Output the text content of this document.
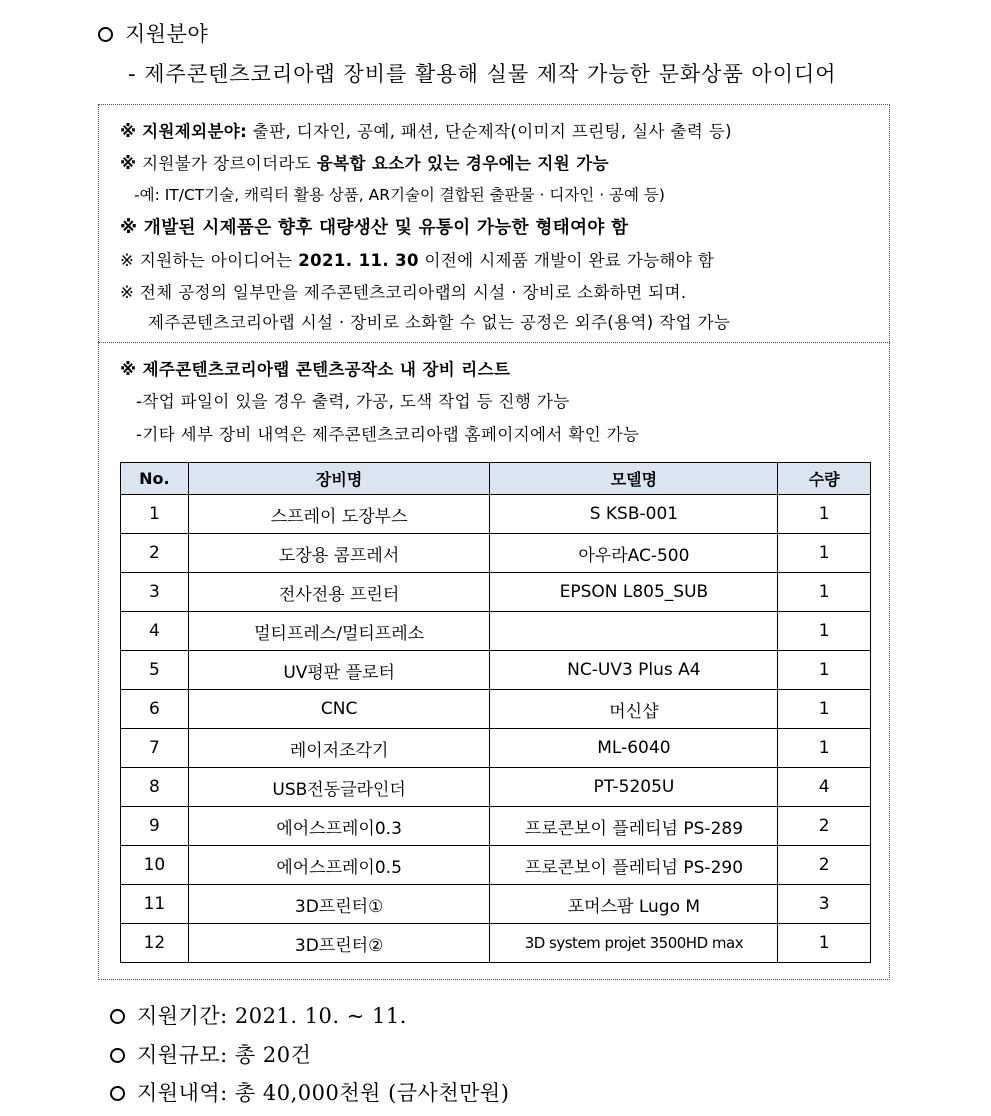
지원분야
- 제주콘텐츠코리아랩 장비를 활용해 실물 제작 가능한 문화상품 아이디어
※ 지원제외분야: 출판, 디자인, 공예, 패션, 단순제작(이미지 프린팅, 실사 출력 등)
※ 지원불가 장르이더라도 융복합 요소가 있는 경우에는 지원 가능
-예: IT/CT기술, 캐릭터 활용 상품, AR기술이 결합된 출판물 · 디자인 · 공예 등)
※ 개발된 시제품은 향후 대량생산 및 유통이 가능한 형태여야 함
※ 지원하는 아이디어는 2021. 11. 30 이전에 시제품 개발이 완료 가능해야 함
※ 전체 공정의 일부만을 제주콘텐츠코리아랩의 시설 · 장비로 소화하면 되며.
제주콘텐츠코리아랩 시설 · 장비로 소화할 수 없는 공정은 외주(용역) 작업 가능
※ 제주콘텐츠코리아랩 콘텐츠공작소 내 장비 리스트
-작업 파일이 있을 경우 출력, 가공, 도색 작업 등 진행 가능
-기타 세부 장비 내역은 제주콘텐츠코리아랩 홈페이지에서 확인 가능
No.	장비명	모델명	수량
1	스프레이 도장부스	S KSB-001	1
2	도장용 콤프레서	아우라AC-500	1
3	전사전용 프린터	EPSON L805_SUB	1
4	멀티프레스/멀티프레소		1
5	UV평판 플로터	NC-UV3 Plus A4	1
6	CNC	머신샵	1
7	레이저조각기	ML-6040	1
8	USB전동글라인더	PT-5205U	4
9	에어스프레이0.3	프로콘보이 플레티넘 PS-289	2
10	에어스프레이0.5	프로콘보이 플레티넘 PS-290	2
11	3D프린터①	포머스팜 Lugo M	3
12	3D프린터②	3D system projet 3500HD max	1
지원기간: 2021. 10. ~ 11.
지원규모: 총 20건
지원내역: 총 40,000천원 (금사천만원)
